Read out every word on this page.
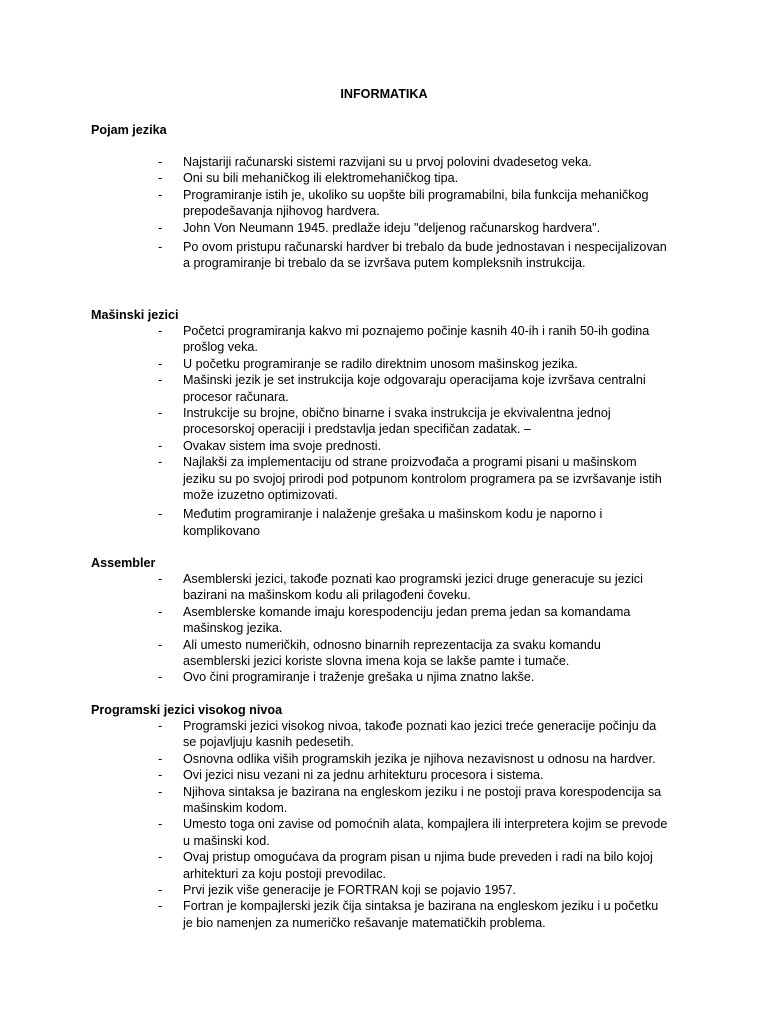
INFORMATIKA
Pojam jezika
- Najstariji računarski sistemi razvijani su u prvoj polovini dvadesetog veka.
- Oni su bili mehaničkog ili elektromehaničkog tipa.
- Programiranje istih je, ukoliko su uopšte bili programabilni, bila funkcija mehaničkog prepodešavanja njihovog hardvera.
- John Von Neumann 1945. predlaže ideju "deljenog računarskog hardvera".
- Po ovom pristupu računarski hardver bi trebalo da bude jednostavan i nespecijalizovan a programiranje bi trebalo da se izvršava putem kompleksnih instrukcija.
Mašinski jezici
- Početci programiranja kakvo mi poznajemo počinje kasnih 40-ih i ranih 50-ih godina prošlog veka.
- U početku programiranje se radilo direktnim unosom mašinskog jezika.
- Mašinski jezik je set instrukcija koje odgovaraju operacijama koje izvršava centralni procesor računara.
- Instrukcije su brojne, obično binarne i svaka instrukcija je ekvivalentna jednoj procesorskoj operaciji i predstavlja jedan specifičan zadatak. –
- Ovakav sistem ima svoje prednosti.
- Najlakši za implementaciju od strane proizvođača a programi pisani u mašinskom jeziku su po svojoj prirodi pod potpunom kontrolom programera pa se izvršavanje istih može izuzetno optimizovati.
- Međutim programiranje i nalaženje grešaka u mašinskom kodu je naporno i komplikovano
Assembler
- Asemblerski jezici, takođe poznati kao programski jezici druge generacuje su jezici bazirani na mašinskom kodu ali prilagođeni čoveku.
- Asemblerske komande imaju korespodenciju jedan prema jedan sa komandama mašinskog jezika.
- Ali umesto numeričkih, odnosno binarnih reprezentacija za svaku komandu asemblerski jezici koriste slovna imena koja se lakše pamte i tumače.
- Ovo čini programiranje i traženje grešaka u njima znatno lakše.
Programski jezici visokog nivoa
- Programski jezici visokog nivoa, takođe poznati kao jezici treće generacije počinju da se pojavljuju kasnih pedesetih.
- Osnovna odlika viših programskih jezika je njihova nezavisnost u odnosu na hardver.
- Ovi jezici nisu vezani ni za jednu arhitekturu procesora i sistema.
- Njihova sintaksa je bazirana na engleskom jeziku i ne postoji prava korespodencija sa mašinskim kodom.
- Umesto toga oni zavise od pomoćnih alata, kompajlera ili interpretera kojim se prevode u mašinski kod.
- Ovaj pristup omogućava da program pisan u njima bude preveden i radi na bilo kojoj arhitekturi za koju postoji prevodilac.
- Prvi jezik više generacije je FORTRAN koji se pojavio 1957.
- Fortran je kompajlerski jezik čija sintaksa je bazirana na engleskom jeziku i u početku je bio namenjen za numeričko rešavanje matematičkih problema.
